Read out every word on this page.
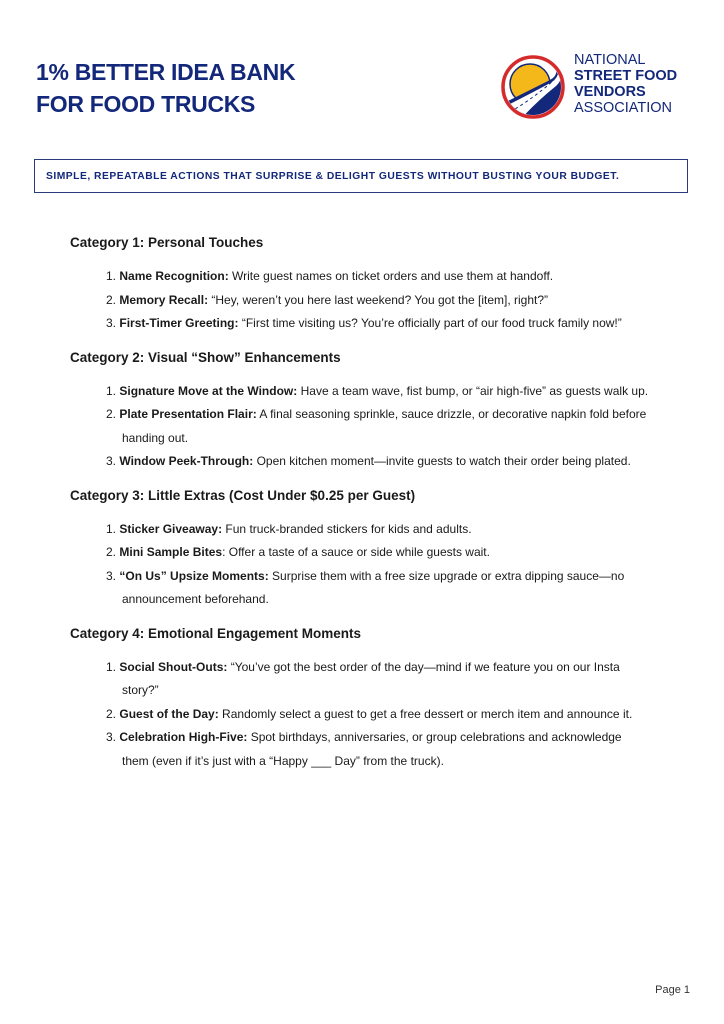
1% BETTER IDEA BANK
FOR FOOD TRUCKS
NATIONAL
STREET FOOD
VENDORS
ASSOCIATION
SIMPLE, REPEATABLE ACTIONS THAT SURPRISE & DELIGHT GUESTS WITHOUT BUSTING YOUR BUDGET.
Category 1: Personal Touches
1. Name Recognition: Write guest names on ticket orders and use them at handoff.
2. Memory Recall: “Hey, weren’t you here last weekend? You got the [item], right?”
3. First-Timer Greeting: “First time visiting us? You’re officially part of our food truck family now!”
Category 2: Visual “Show” Enhancements
1. Signature Move at the Window: Have a team wave, fist bump, or “air high-five” as guests walk up.
2. Plate Presentation Flair: A final seasoning sprinkle, sauce drizzle, or decorative napkin fold before handing out.
3. Window Peek-Through: Open kitchen moment—invite guests to watch their order being plated.
Category 3: Little Extras (Cost Under $0.25 per Guest)
1. Sticker Giveaway: Fun truck-branded stickers for kids and adults.
2. Mini Sample Bites: Offer a taste of a sauce or side while guests wait.
3. “On Us” Upsize Moments: Surprise them with a free size upgrade or extra dipping sauce—no announcement beforehand.
Category 4: Emotional Engagement Moments
1. Social Shout-Outs: “You’ve got the best order of the day—mind if we feature you on our Insta story?”
2. Guest of the Day: Randomly select a guest to get a free dessert or merch item and announce it.
3. Celebration High-Five: Spot birthdays, anniversaries, or group celebrations and acknowledge them (even if it’s just with a “Happy ___ Day” from the truck).
Page 1
